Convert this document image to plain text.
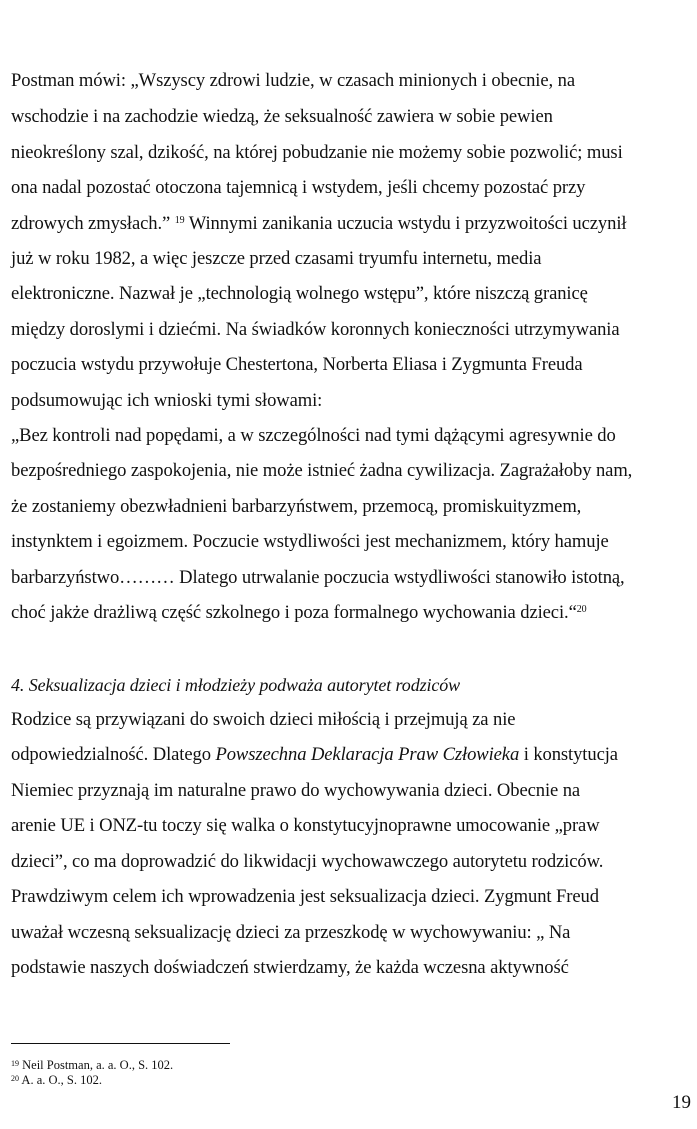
Postman mówi: „Wszyscy zdrowi ludzie, w czasach minionych i obecnie, na
wschodzie i na zachodzie wiedzą, że seksualność zawiera w sobie pewien
nieokreślony szal, dzikość, na której pobudzanie nie możemy sobie pozwolić; musi
ona nadal pozostać otoczona tajemnicą i wstydem, jeśli chcemy pozostać przy
zdrowych zmysłach.” $^{19}$ Winnymi zanikania uczucia wstydu i przyzwoitości uczynił
już w roku 1982, a więc jeszcze przed czasami tryumfu internetu, media
elektroniczne. Nazwał je „technologią wolnego wstępu”, które niszczą granicę
między doroslymi i dziećmi. Na świadków koronnych konieczności utrzymywania
poczucia wstydu przywołuje Chestertona, Norberta Eliasa i Zygmunta Freuda
podsumowując ich wnioski tymi słowami:
„Bez kontroli nad popędami, a w szczególności nad tymi dążącymi agresywnie do
bezpośredniego zaspokojenia, nie może istnieć żadna cywilizacja. Zagrażałoby nam,
że zostaniemy obezwładnieni barbarzyństwem, przemocą, promiskuityzmem,
instynktem i egoizmem. Poczucie wstydliwości jest mechanizmem, który hamuje
barbarzyństwo……… Dlatego utrwalanie poczucia wstydliwości stanowiło istotną,
choć jakże drażliwą część szkolnego i poza formalnego wychowania dzieci.“$^{20}$
4. Seksualizacja dzieci i młodzieży podważa autorytet rodziców
Rodzice są przywiązani do swoich dzieci miłością i przejmują za nie
odpowiedzialność. Dlatego Powszechna Deklaracja Praw Człowieka i konstytucja
Niemiec przyznają im naturalne prawo do wychowywania dzieci. Obecnie na
arenie UE i ONZ-tu toczy się walka o konstytucyjnoprawne umocowanie „praw
dzieci”, co ma doprowadzić do likwidacji wychowawczego autorytetu rodziców.
Prawdziwym celem ich wprowadzenia jest seksualizacja dzieci. Zygmunt Freud
uważał wczesną seksualizację dzieci za przeszkodę w wychowywaniu: „ Na
podstawie naszych doświadczeń stwierdzamy, że każda wczesna aktywność
$^{19}$ Neil Postman, a. a. O., S. 102.
$^{20}$ A. a. O., S. 102.
19
